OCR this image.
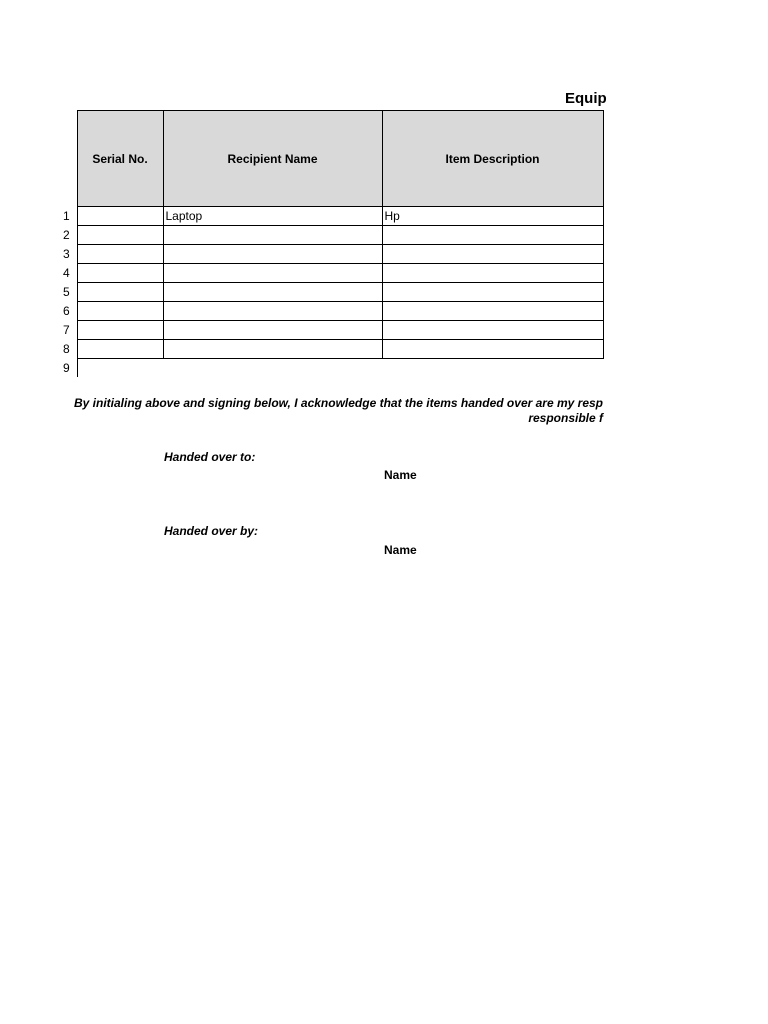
Equip
	Serial No.	Recipient Name	Item Description
1		Laptop	Hp
2			
3			
4			
5			
6			
7			
8			
9			
By initialing above and signing below, I acknowledge that the items handed over are my resp
responsible f
Handed over to:
Name
Handed over by:
Name
